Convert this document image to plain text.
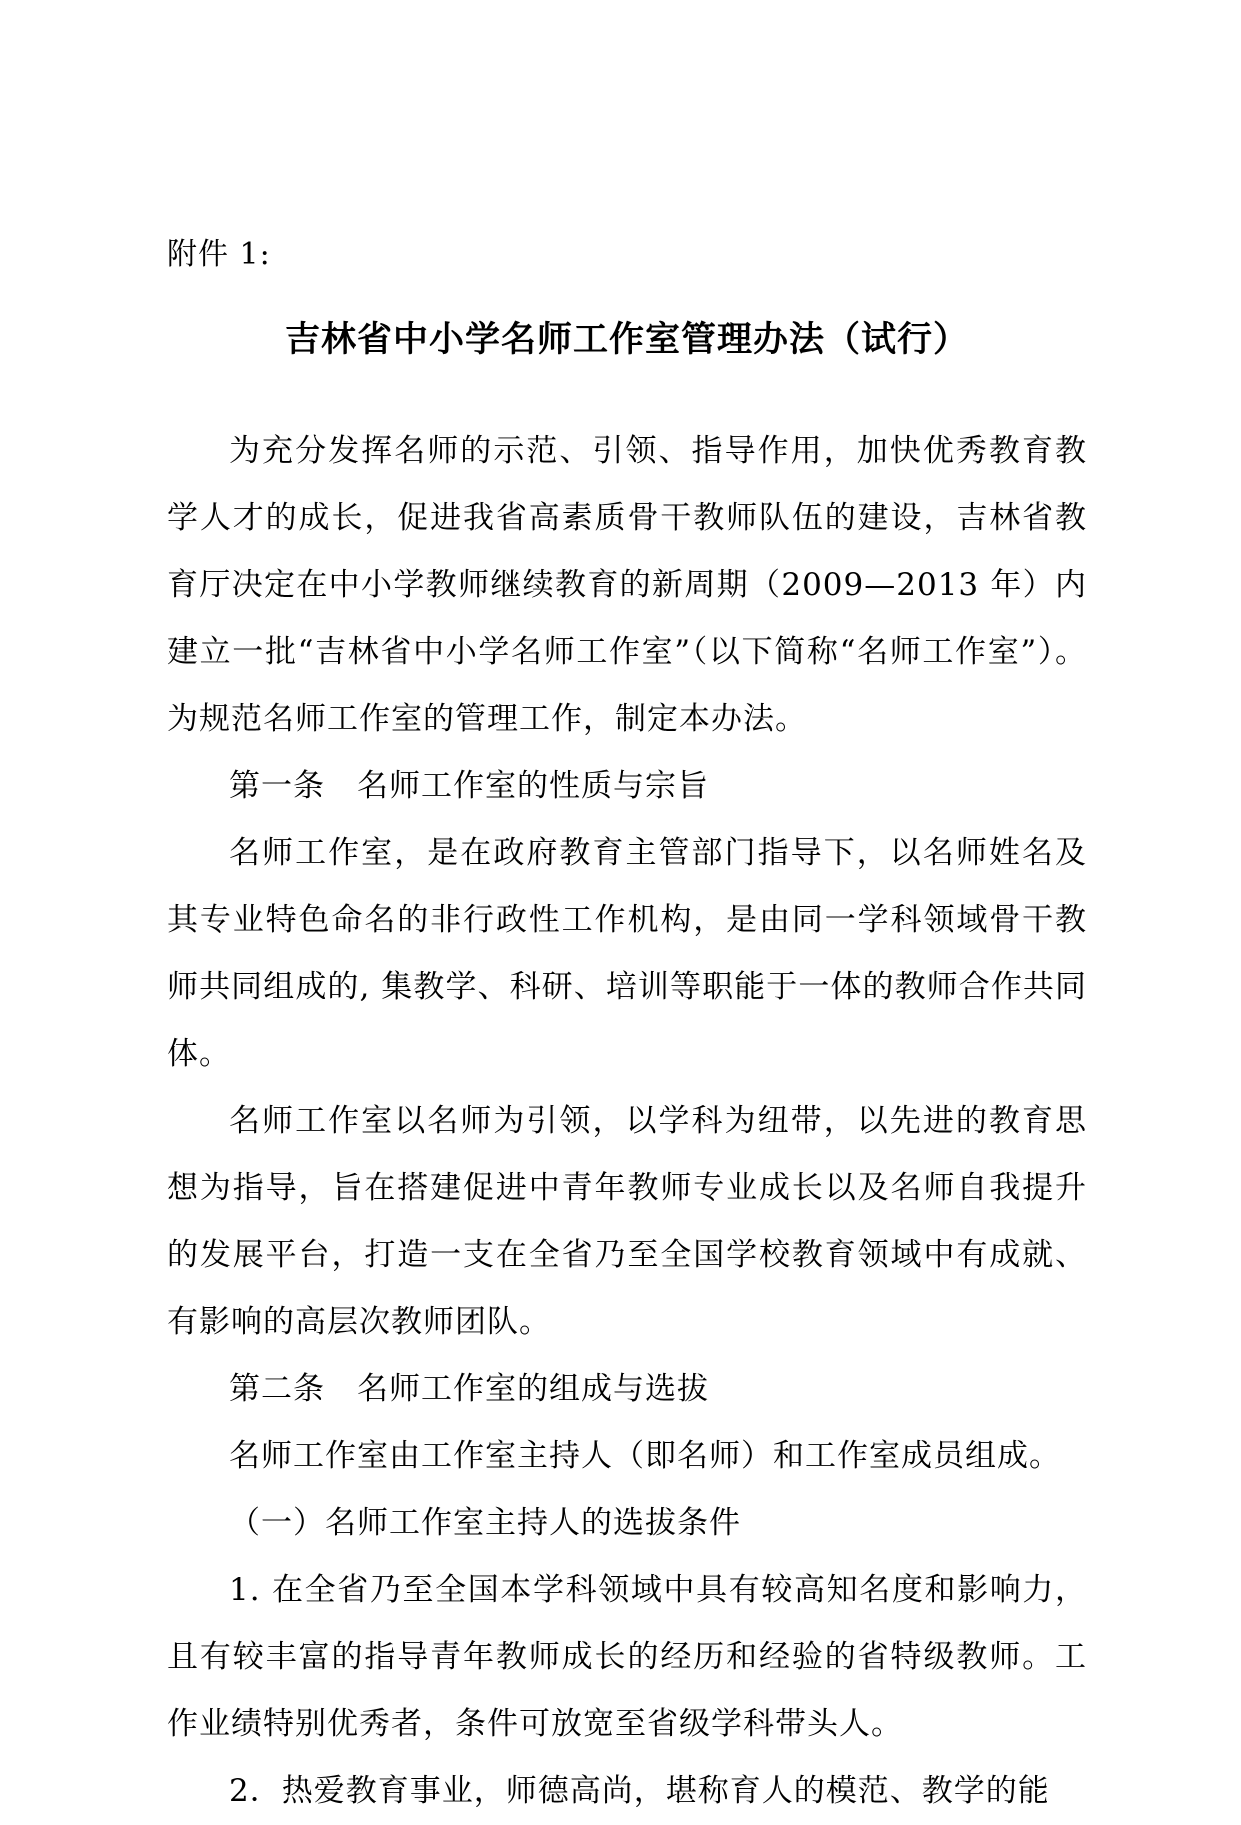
附件 1:
吉林省中小学名师工作室管理办法（试行）

为充分发挥名师的示范、引领、指导作用，加快优秀教育教学人才的成长，促进我省高素质骨干教师队伍的建设，吉林省教育厅决定在中小学教师继续教育的新周期（2009—2013 年）内建立一批“吉林省中小学名师工作室”（以下简称“名师工作室”）。为规范名师工作室的管理工作，制定本办法。

第一条　名师工作室的性质与宗旨

名师工作室，是在政府教育主管部门指导下，以名师姓名及其专业特色命名的非行政性工作机构，是由同一学科领域骨干教师共同组成的, 集教学、科研、培训等职能于一体的教师合作共同体。

名师工作室以名师为引领，以学科为纽带，以先进的教育思想为指导，旨在搭建促进中青年教师专业成长以及名师自我提升的发展平台，打造一支在全省乃至全国学校教育领域中有成就、有影响的高层次教师团队。

第二条　名师工作室的组成与选拔

名师工作室由工作室主持人（即名师）和工作室成员组成。

（一）名师工作室主持人的选拔条件

1. 在全省乃至全国本学科领域中具有较高知名度和影响力，且有较丰富的指导青年教师成长的经历和经验的省特级教师。工作业绩特别优秀者，条件可放宽至省级学科带头人。

2．热爱教育事业，师德高尚，堪称育人的模范、教学的能
